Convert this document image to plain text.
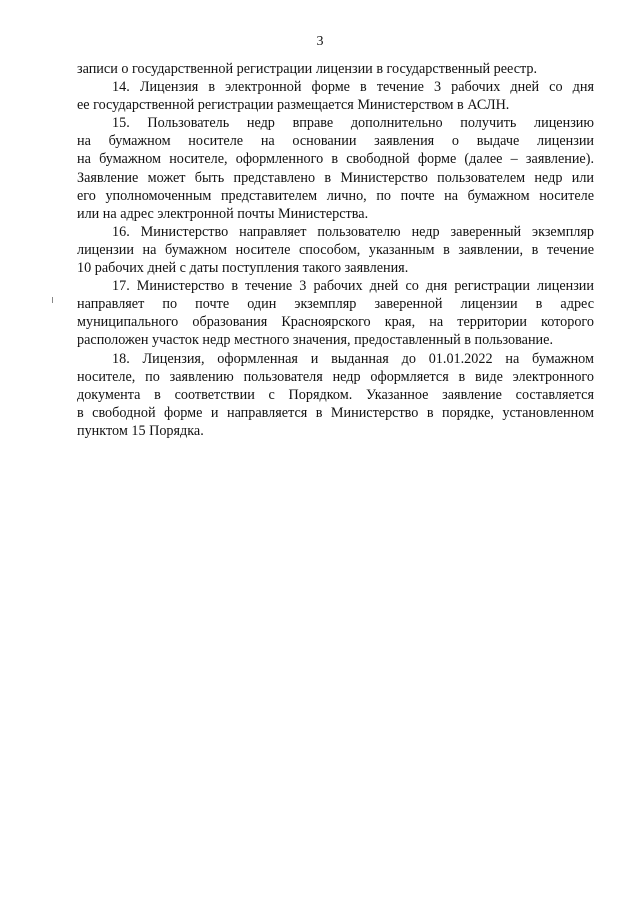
3
записи о государственной регистрации лицензии в государственный реестр.
14. Лицензия в электронной форме в течение 3 рабочих дней со дня
ее государственной регистрации размещается Министерством в АСЛН.
15. Пользователь недр вправе дополнительно получить лицензию
на бумажном носителе на основании заявления о выдаче лицензии
на бумажном носителе, оформленного в свободной форме (далее – заявление).
Заявление может быть представлено в Министерство пользователем недр или
его уполномоченным представителем лично, по почте на бумажном носителе
или на адрес электронной почты Министерства.
16. Министерство направляет пользователю недр заверенный экземпляр
лицензии на бумажном носителе способом, указанным в заявлении, в течение
10 рабочих дней с даты поступления такого заявления.
17. Министерство в течение 3 рабочих дней со дня регистрации лицензии
направляет по почте один экземпляр заверенной лицензии в адрес
муниципального образования Красноярского края, на территории которого
расположен участок недр местного значения, предоставленный в пользование.
18. Лицензия, оформленная и выданная до 01.01.2022 на бумажном
носителе, по заявлению пользователя недр оформляется в виде электронного
документа в соответствии с Порядком. Указанное заявление составляется
в свободной форме и направляется в Министерство в порядке, установленном
пунктом 15 Порядка.
